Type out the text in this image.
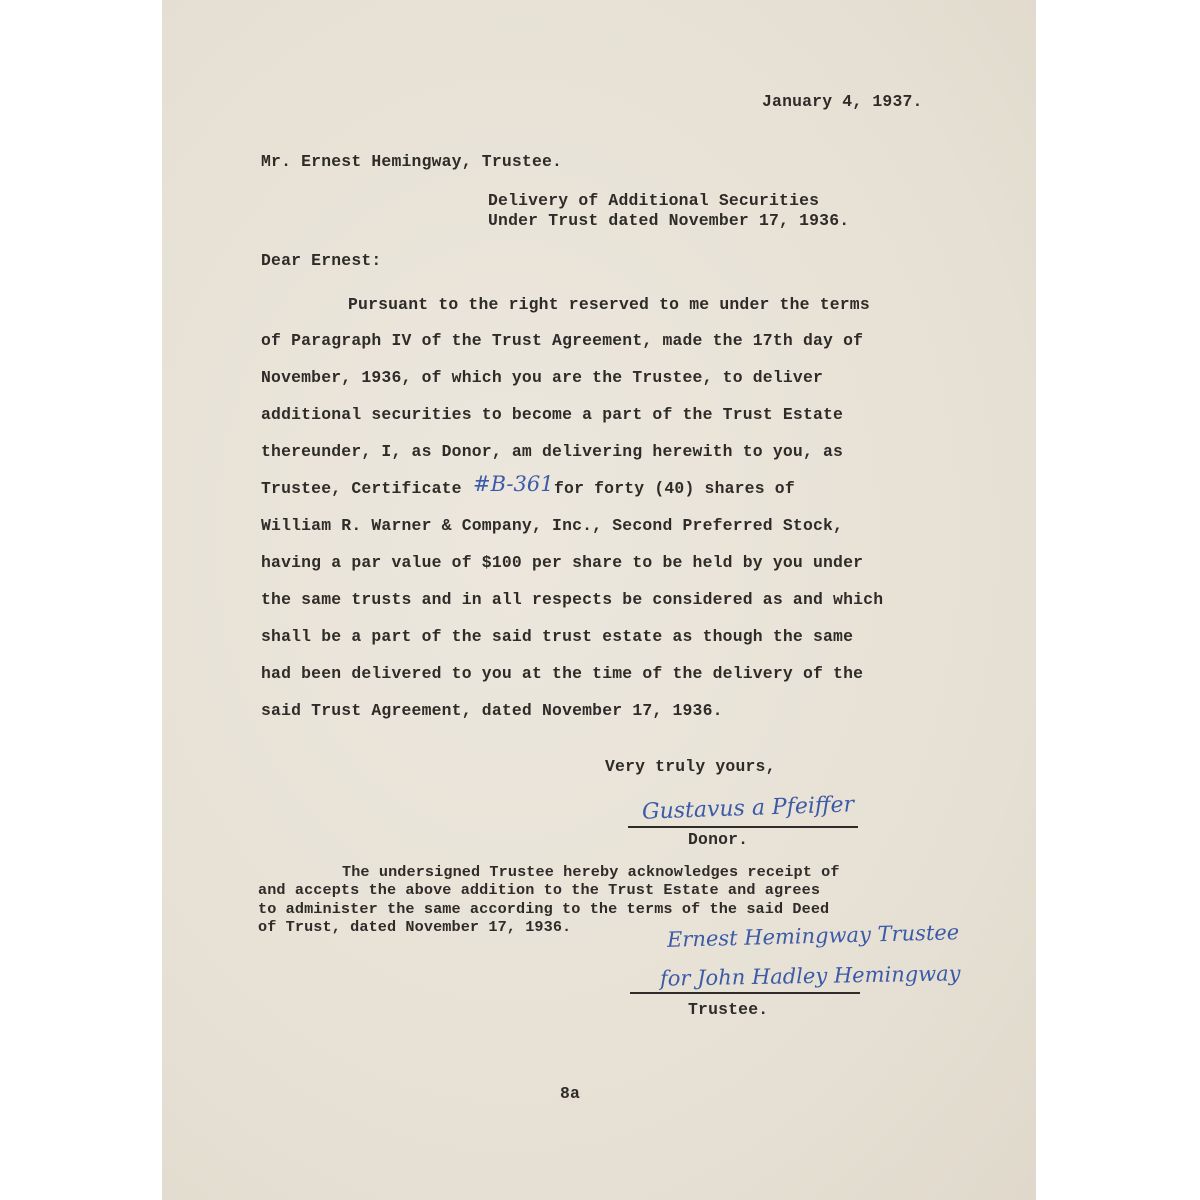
January 4, 1937.
Mr. Ernest Hemingway, Trustee.
Delivery of Additional Securities
Under Trust dated November 17, 1936.
Dear Ernest:
Pursuant to the right reserved to me under the terms
of Paragraph IV of the Trust Agreement, made the 17th day of
November, 1936, of which you are the Trustee, to deliver
additional securities to become a part of the Trust Estate
thereunder, I, as Donor, am delivering herewith to you, as
Trustee, Certificate #B-361 for forty (40) shares of
William R. Warner & Company, Inc., Second Preferred Stock,
having a par value of $100 per share to be held by you under
the same trusts and in all respects be considered as and which
shall be a part of the said trust estate as though the same
had been delivered to you at the time of the delivery of the
said Trust Agreement, dated November 17, 1936.
Very truly yours,
Gustavus a Pfeiffer
Donor.
The undersigned Trustee hereby acknowledges receipt of
and accepts the above addition to the Trust Estate and agrees
to administer the same according to the terms of the said Deed
of Trust, dated November 17, 1936.	Ernest Hemingway Trustee
for John Hadley Hemingway
Trustee.
8a
